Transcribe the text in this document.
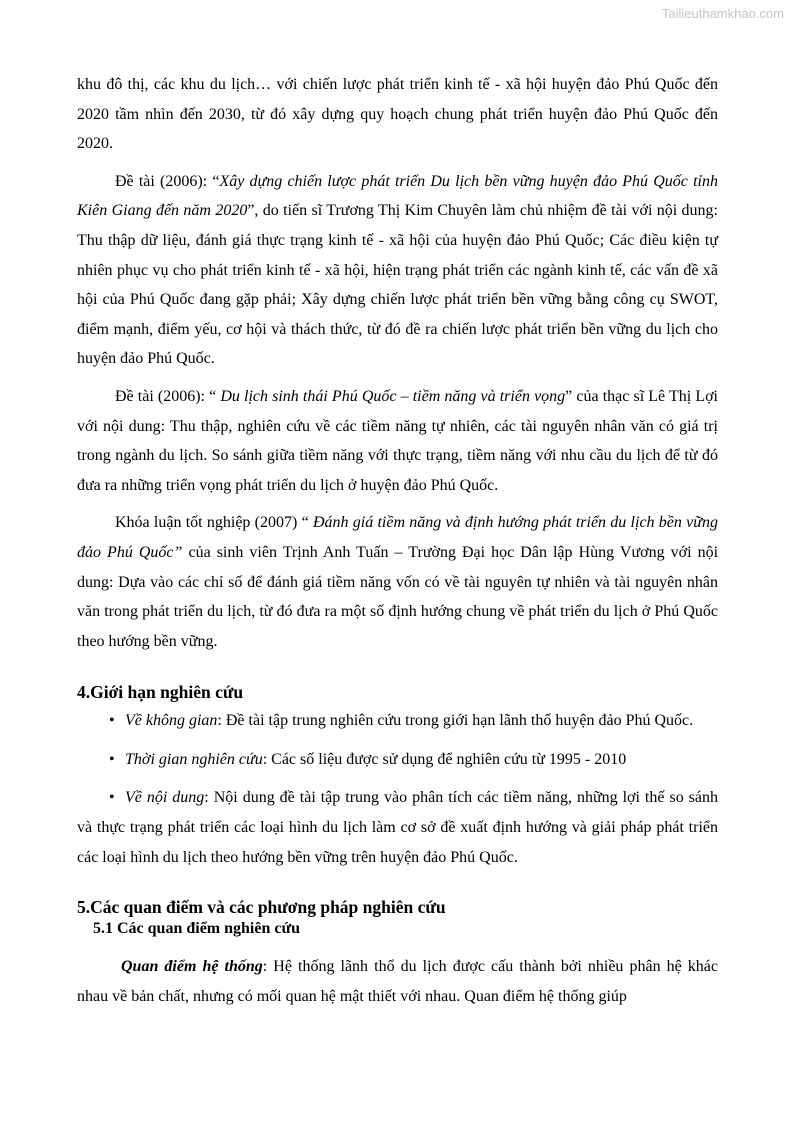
Tailieuthamkhao.com

khu đô thị, các khu du lịch… với chiến lược phát triển kinh tế - xã hội huyện đảo Phú Quốc đến 2020 tầm nhìn đến 2030, từ đó xây dựng quy hoạch chung phát triển huyện đảo Phú Quốc đến 2020.

Đề tài (2006): “Xây dựng chiến lược phát triển Du lịch bền vững huyện đảo Phú Quốc tỉnh Kiên Giang đến năm 2020”, do tiến sĩ Trương Thị Kim Chuyên làm chủ nhiệm đề tài với nội dung: Thu thập dữ liệu, đánh giá thực trạng kinh tế - xã hội của huyện đảo Phú Quốc; Các điều kiện tự nhiên phục vụ cho phát triển kinh tế - xã hội, hiện trạng phát triển các ngành kinh tế, các vấn đề xã hội của Phú Quốc đang gặp phải; Xây dựng chiến lược phát triển bền vững bằng công cụ SWOT, điểm mạnh, điểm yếu, cơ hội và thách thức, từ đó đề ra chiến lược phát triển bền vững du lịch cho huyện đảo Phú Quốc.

Đề tài (2006): “ Du lịch sinh thái Phú Quốc – tiềm năng và triển vọng” của thạc sĩ Lê Thị Lợi với nội dung: Thu thập, nghiên cứu về các tiềm năng tự nhiên, các tài nguyên nhân văn có giá trị trong ngành du lịch. So sánh giữa tiềm năng với thực trạng, tiềm năng với nhu cầu du lịch để từ đó đưa ra những triển vọng phát triển du lịch ở huyện đảo Phú Quốc.

Khóa luận tốt nghiệp (2007) “ Đánh giá tiềm năng và định hướng phát triển du lịch bền vững đảo Phú Quốc” của sinh viên Trịnh Anh Tuấn – Trường Đại học Dân lập Hùng Vương với nội dung: Dựa vào các chỉ số để đánh giá tiềm năng vốn có về tài nguyên tự nhiên và tài nguyên nhân văn trong phát triển du lịch, từ đó đưa ra một số định hướng chung về phát triển du lịch ở Phú Quốc theo hướng bền vững.

4.Giới hạn nghiên cứu

• Về không gian: Đề tài tập trung nghiên cứu trong giới hạn lãnh thổ huyện đảo Phú Quốc.

• Thời gian nghiên cứu: Các số liệu được sử dụng để nghiên cứu từ 1995 - 2010

• Về nội dung: Nội dung đề tài tập trung vào phân tích các tiềm năng, những lợi thế so sánh và thực trạng phát triển các loại hình du lịch làm cơ sở đề xuất định hướng và giải pháp phát triển các loại hình du lịch theo hướng bền vững trên huyện đảo Phú Quốc.

5.Các quan điểm và các phương pháp nghiên cứu
5.1 Các quan điểm nghiên cứu

Quan điểm hệ thống: Hệ thống lãnh thổ du lịch được cấu thành bởi nhiều phân hệ khác nhau về bản chất, nhưng có mối quan hệ mật thiết với nhau. Quan điểm hệ thống giúp
